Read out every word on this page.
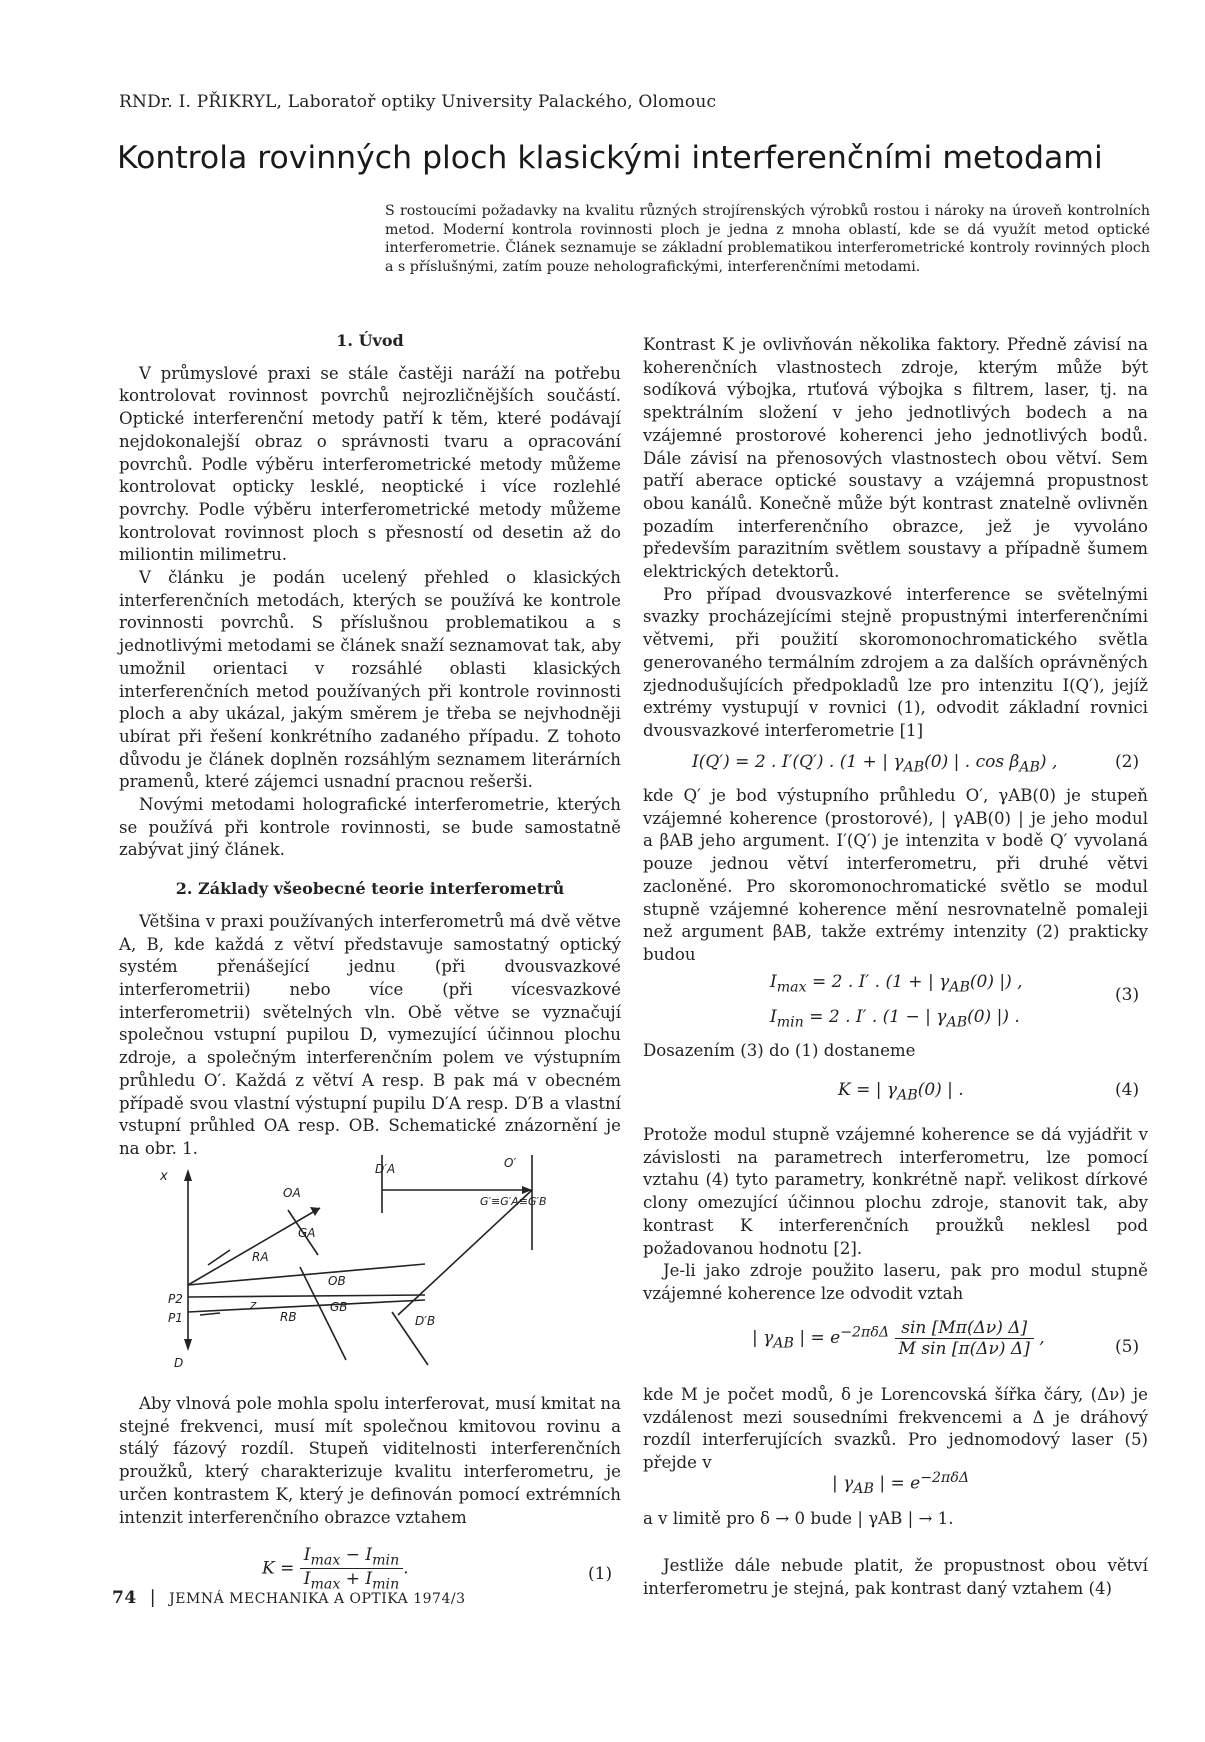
RNDr. I. PŘIKRYL, Laboratoř optiky University Palackého, Olomouc
Kontrola rovinných ploch klasickými interferenčními metodami
S rostoucími požadavky na kvalitu různých strojírenských výrobků rostou i nároky na úroveň kontrolních metod. Moderní kontrola rovinnosti ploch je jedna z mnoha oblastí, kde se dá využít metod optické interferometrie. Článek seznamuje se základní problematikou interferometrické kontroly rovinných ploch a s příslušnými, zatím pouze neholografickými, interferenčními metodami.
1. Úvod

V průmyslové praxi se stále častěji naráží na potřebu kontrolovat rovinnost povrchů nejrozličnějších součástí. Optické interferenční metody patří k těm, které podávají nejdokonalejší obraz o správnosti tvaru a opracování povrchů. Podle výběru interferometrické metody můžeme kontrolovat opticky lesklé, neoptické i více rozlehlé povrchy. Podle výběru interferometrické metody můžeme kontrolovat rovinnost ploch s přesností od desetin až do miliontin milimetru.

V článku je podán ucelený přehled o klasických interferenčních metodách, kterých se používá ke kontrole rovinnosti povrchů. S příslušnou problematikou a s jednotlivými metodami se článek snaží seznamovat tak, aby umožnil orientaci v rozsáhlé oblasti klasických interferenčních metod používaných při kontrole rovinnosti ploch a aby ukázal, jakým směrem je třeba se nejvhodněji ubírat při řešení konkrétního zadaného případu. Z tohoto důvodu je článek doplněn rozsáhlým seznamem literárních pramenů, které zájemci usnadní pracnou rešerši.

Novými metodami holografické interferometrie, kterých se používá při kontrole rovinnosti, se bude samostatně zabývat jiný článek.

2. Základy všeobecné teorie interferometrů

Většina v praxi používaných interferometrů má dvě větve A, B, kde každá z větví představuje samostatný optický systém přenášející jednu (při dvousvazkové interferometrii) nebo více (při vícesvazkové interferometrii) světelných vln. Obě větve se vyznačují společnou vstupní pupilou D, vymezující účinnou plochu zdroje, a společným interferenčním polem ve výstupním průhledu O′. Každá z větví A resp. B pak má v obecném případě svou vlastní výstupní pupilu D′A resp. D′B a vlastní vstupní průhled OA resp. OB. Schematické znázornění je na obr. 1.

x	D′A	O′
OA
GA
G′≡G′A≡G′B
RA
OB
P2
P1
z
RB
GB
D′B
D

Aby vlnová pole mohla spolu interferovat, musí kmitat na stejné frekvenci, musí mít společnou kmitovou rovinu a stálý fázový rozdíl. Stupeň viditelnosti interferenčních proužků, který charakterizuje kvalitu interferometru, je určen kontrastem K, který je definován pomocí extrémních intenzit interferenčního obrazce vztahem

$K = \frac{I_{max} - I_{min}}{I_{max} + I_{min}}$ .	(1)

Kontrast K je ovlivňován několika faktory. Předně závisí na koherenčních vlastnostech zdroje, kterým může být sodíková výbojka, rtuťová výbojka s filtrem, laser, tj. na spektrálním složení v jeho jednotlivých bodech a na vzájemné prostorové koherenci jeho jednotlivých bodů. Dále závisí na přenosových vlastnostech obou větví. Sem patří aberace optické soustavy a vzájemná propustnost obou kanálů. Konečně může být kontrast znatelně ovlivněn pozadím interferenčního obrazce, jež je vyvoláno především parazitním světlem soustavy a případně šumem elektrických detektorů.

Pro případ dvousvazkové interference se světelnými svazky procházejícími stejně propustnými interferenčními větvemi, při použití skoromonochromatického světla generovaného termálním zdrojem a za dalších oprávněných zjednodušujících předpokladů lze pro intenzitu I(Q′), jejíž extrémy vystupují v rovnici (1), odvodit základní rovnici dvousvazkové interferometrie [1]

I(Q′) = 2 . I′(Q′) . (1 + | $\gamma_{AB}(0)$ | . $\cos \beta_{AB}$) ,	(2)

kde Q′ je bod výstupního průhledu O′, γAB(0) je stupeň vzájemné koherence (prostorové), | γAB(0) | je jeho modul a βAB jeho argument. I′(Q′) je intenzita v bodě Q′ vyvolaná pouze jednou větví interferometru, při druhé větvi zacloněné. Pro skoromonochromatické světlo se modul stupně vzájemné koherence mění nesrovnatelně pomaleji než argument βAB, takže extrémy intenzity (2) prakticky budou

$I_{max} = 2$ . I′ . (1 + | $\gamma_{AB}(0)$ |) ,
$I_{min} = 2$ . I′ . (1 − | $\gamma_{AB}(0)$ |) .
(3)

Dosazením (3) do (1) dostaneme

K = | $\gamma_{AB}(0)$ | .	(4)

Protože modul stupně vzájemné koherence se dá vyjádřit v závislosti na parametrech interferometru, lze pomocí vztahu (4) tyto parametry, konkrétně např. velikost dírkové clony omezující účinnou plochu zdroje, stanovit tak, aby kontrast K interferenčních proužků neklesl pod požadovanou hodnotu [2].

Je-li jako zdroje použito laseru, pak pro modul stupně vzájemné koherence lze odvodit vztah

| $\gamma_{AB}$ | = $e^{-2\pi\delta\Delta} \frac{\sin [M\pi(\Delta\nu) \Delta]}{\text{M sin [π(Δν) Δ]}}$ ,	(5)

kde M je počet modů, δ je Lorencovská šířka čáry, (Δν) je vzdálenost mezi sousedními frekvencemi a Δ je dráhový rozdíl interferujících svazků. Pro jednomodový laser (5) přejde v

| $\gamma_{AB}$ | = $e^{-2\pi\delta\Delta}$

a v limitě pro δ → 0 bude | γAB | → 1.

Jestliže dále nebude platit, že propustnost obou větví interferometru je stejná, pak kontrast daný vztahem (4)

74 | JEMNÁ MECHANIKA A OPTIKA 1974/3
